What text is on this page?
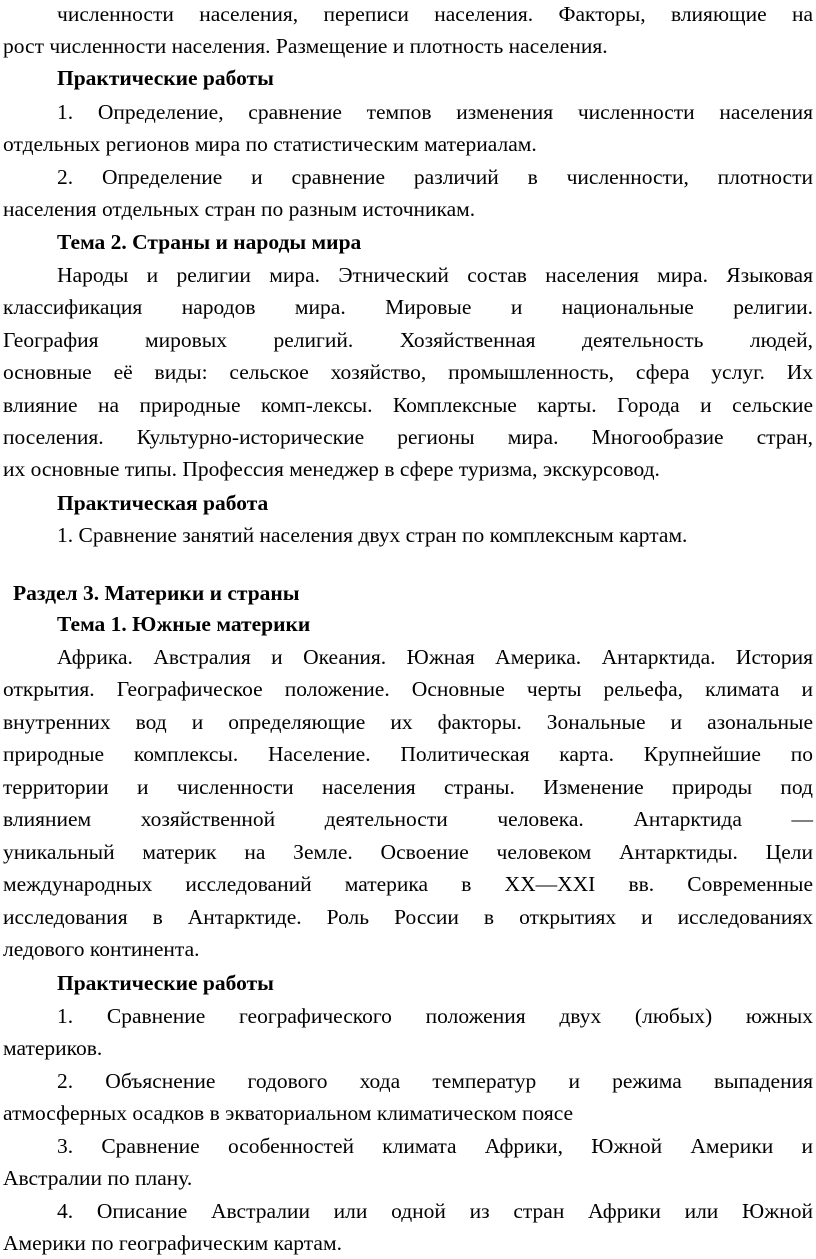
численности населения, переписи населения. Факторы, влияющие на
рост численности населения. Размещение и плотность населения.
Практические работы
1. Определение, сравнение темпов изменения численности населения
отдельных регионов мира по статистическим материалам.
2. Определение и сравнение различий в численности, плотности
населения отдельных стран по разным источникам.
Тема 2. Страны и народы мира
Народы и религии мира. Этнический состав населения мира. Языковая
классификация народов мира. Мировые и национальные религии.
География мировых религий. Хозяйственная деятельность людей,
основные её виды: сельское хозяйство, промышленность, сфера услуг. Их
влияние на природные комп-лексы. Комплексные карты. Города и сельские
поселения. Культурно-исторические регионы мира. Многообразие стран,
их основные типы. Профессия менеджер в сфере туризма, экскурсовод.
Практическая работа
1. Сравнение занятий населения двух стран по комплексным картам.
Раздел 3. Материки и страны
Тема 1. Южные материки
Африка. Австралия и Океания. Южная Америка. Антарктида. История
открытия. Географическое положение. Основные черты рельефа, климата и
внутренних вод и определяющие их факторы. Зональные и азональные
природные комплексы. Население. Политическая карта. Крупнейшие по
территории и численности населения страны. Изменение природы под
влиянием хозяйственной деятельности человека. Антарктида —
уникальный материк на Земле. Освоение человеком Антарктиды. Цели
международных исследований материка в XX—XXI вв. Современные
исследования в Антарктиде. Роль России в открытиях и исследованиях
ледового континента.
Практические работы
1. Сравнение географического положения двух (любых) южных
материков.
2. Объяснение годового хода температур и режима выпадения
атмосферных осадков в экваториальном климатическом поясе
3. Сравнение особенностей климата Африки, Южной Америки и
Австралии по плану.
4. Описание Австралии или одной из стран Африки или Южной
Америки по географическим картам.
